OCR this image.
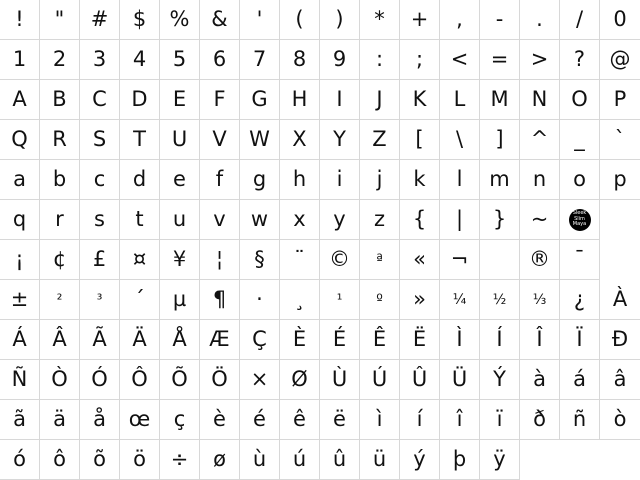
! " # $ % & ' ( ) * + , - . / 0
1 2 3 4 5 6 7 8 9 : ; < = > ? @
A B C D E F G H I J K L M N O P
Q R S T U V W X Y Z [ \ ] ^ _ `
a b c d e f g h i j k l m n o p
q r s t u v w x y z { | } ~	Sleek
Slim
Maya
¡ ¢ £ ¤ ¥ ¦ § ¨ © ª « ¬	® ¯
± ² ³ ´ µ ¶ · ¸ ¹ º » ¼ ½ ⅓ ¿ À
Á Â Ã Ä Å Æ Ç È É Ê Ë Ì Í Î Ï Ð
Ñ Ò Ó Ô Õ Ö × Ø Ù Ú Û Ü Ý à á â
ã ä å œ ç è é ê ë ì í î ï ð ñ ò
ó ô õ ö ÷ ø ù ú û ü ý þ ÿ
